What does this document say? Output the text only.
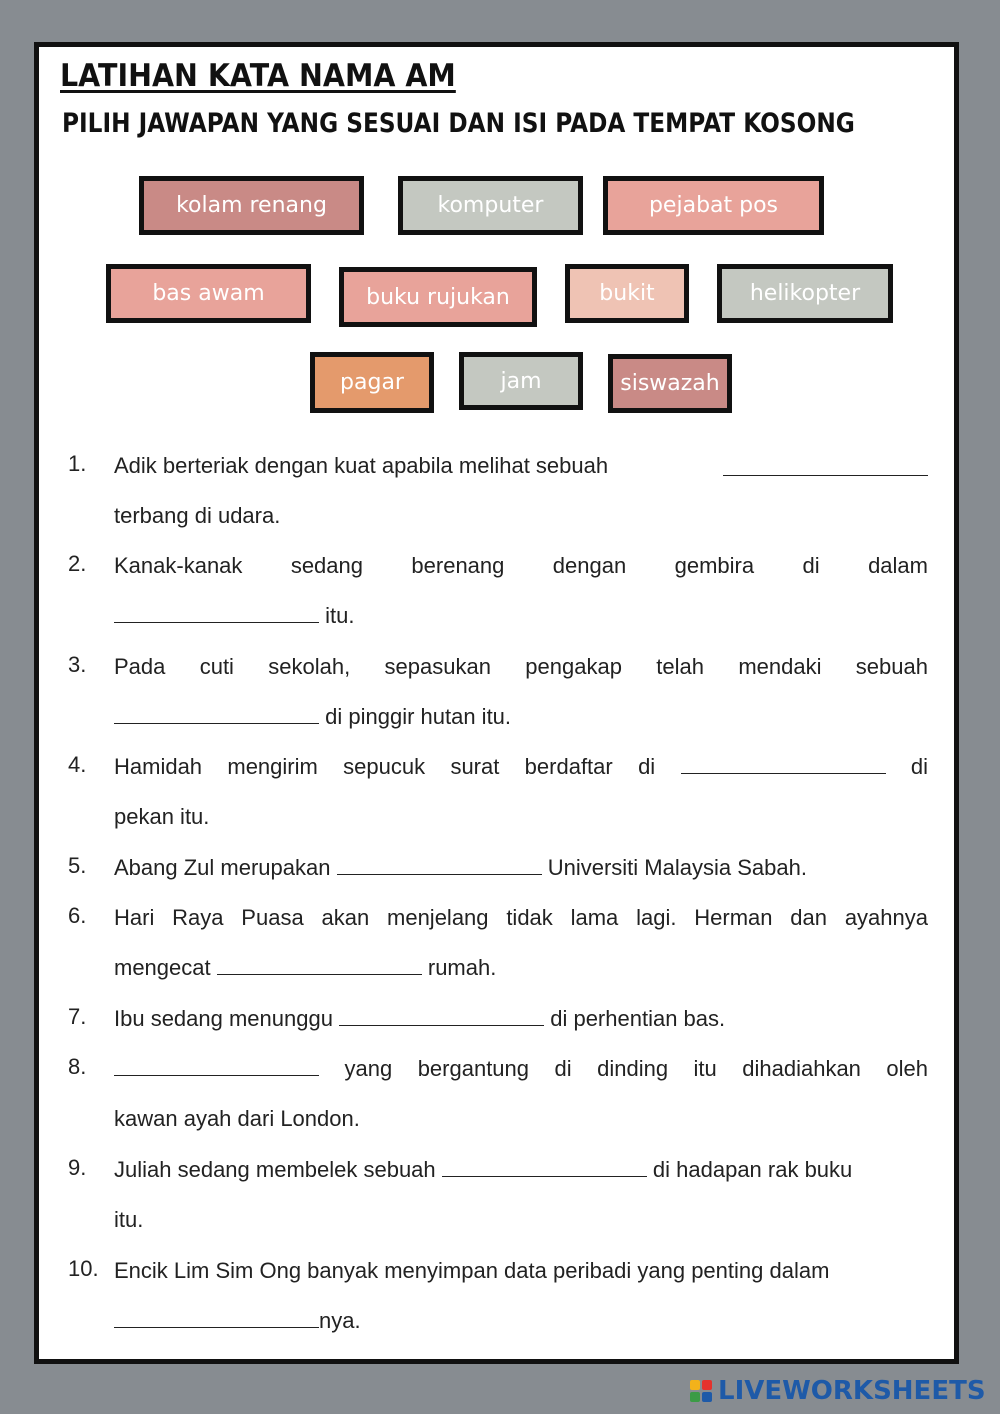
LATIHAN KATA NAMA AM
PILIH JAWAPAN YANG SESUAI DAN ISI PADA TEMPAT KOSONG
kolam renang	komputer	pejabat pos
bas awam	buku rujukan	bukit	helikopter
pagar	jam	siswazah
1. Adik berteriak dengan kuat apabila melihat sebuah
terbang di udara.
2. Kanak-kanak sedang berenang dengan gembira di dalam
itu.
3. Pada cuti sekolah, sepasukan pengakap telah mendaki sebuah
di pinggir hutan itu.
4. Hamidah mengirim sepucuk surat berdaftar di	di
pekan itu.
5. Abang Zul merupakan	Universiti Malaysia Sabah.
6. Hari Raya Puasa akan menjelang tidak lama lagi. Herman dan ayahnya
mengecat	rumah.
7. Ibu sedang menunggu	di perhentian bas.
8.	yang bergantung di dinding itu dihadiahkan oleh
kawan ayah dari London.
9. Juliah sedang membelek sebuah	di hadapan rak buku
itu.
10. Encik Lim Sim Ong banyak menyimpan data peribadi yang penting dalam
nya.
LIVEWORKSHEETS
